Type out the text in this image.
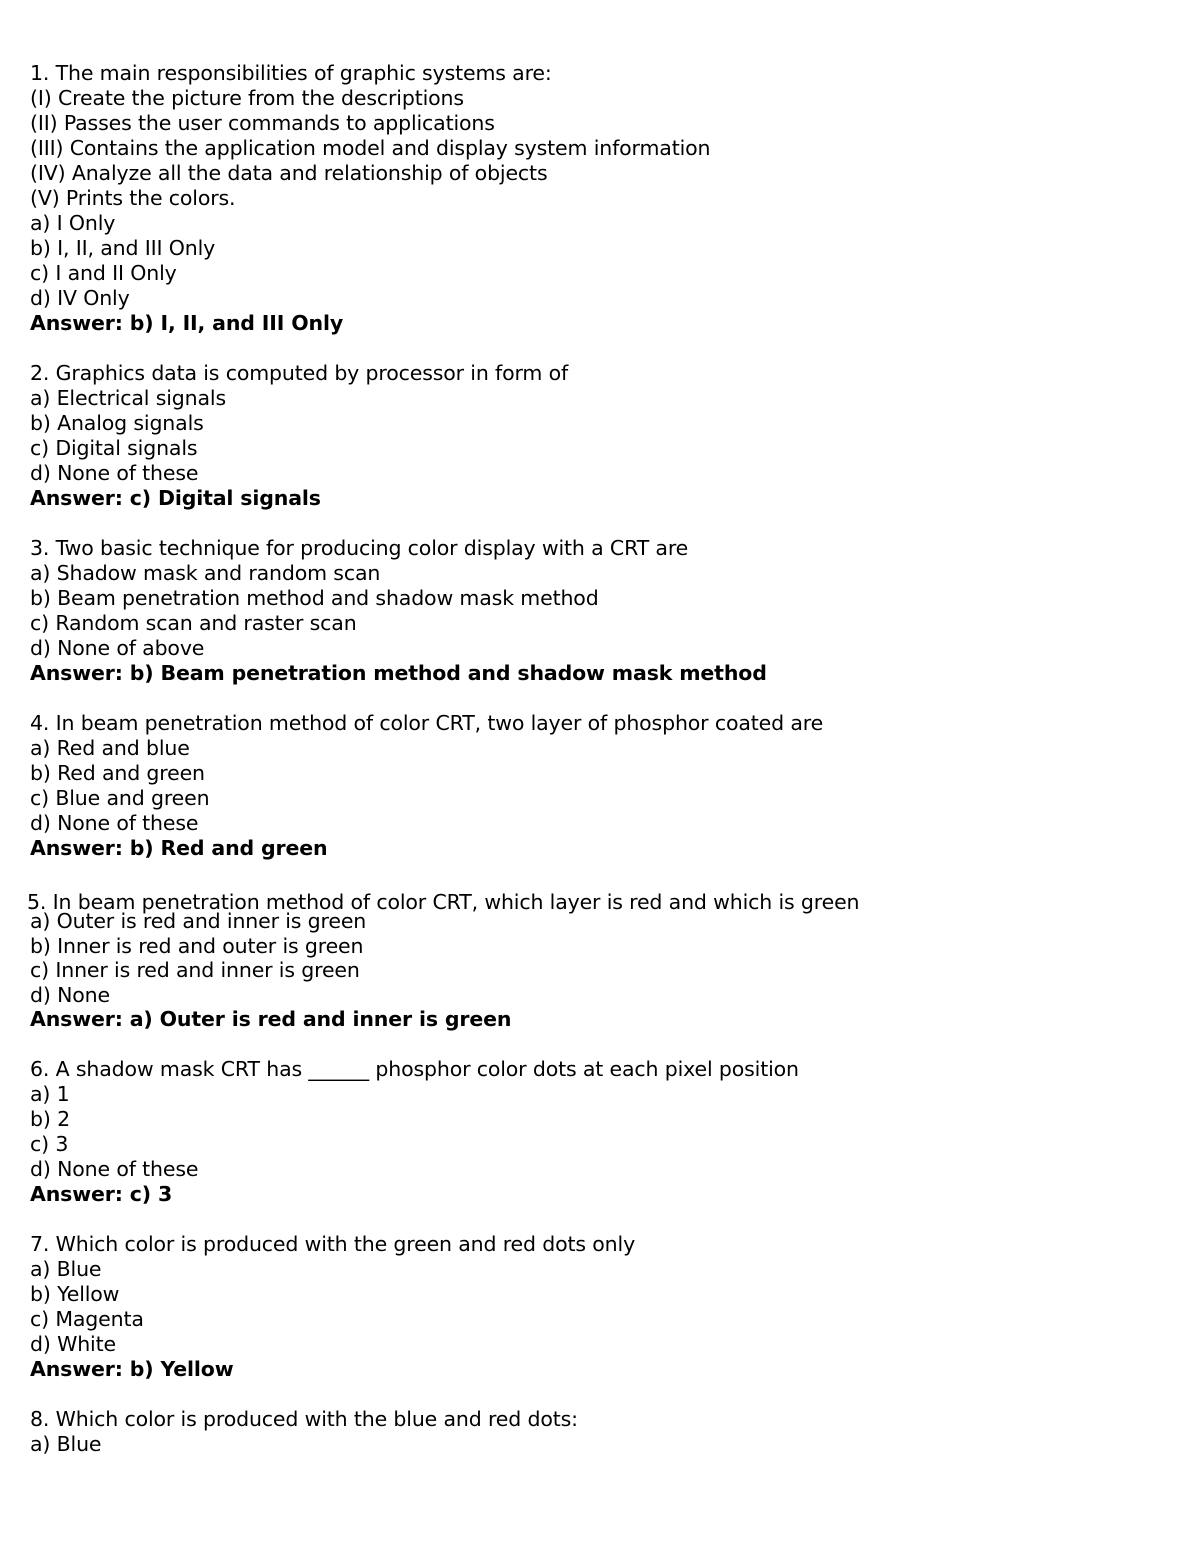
1. The main responsibilities of graphic systems are:
(I) Create the picture from the descriptions
(II) Passes the user commands to applications
(III) Contains the application model and display system information
(IV) Analyze all the data and relationship of objects
(V) Prints the colors.
a) I Only
b) I, II, and III Only
c) I and II Only
d) IV Only
Answer: b) I, II, and III Only
2. Graphics data is computed by processor in form of
a) Electrical signals
b) Analog signals
c) Digital signals
d) None of these
Answer: c) Digital signals
3. Two basic technique for producing color display with a CRT are
a) Shadow mask and random scan
b) Beam penetration method and shadow mask method
c) Random scan and raster scan
d) None of above
Answer: b) Beam penetration method and shadow mask method
4. In beam penetration method of color CRT, two layer of phosphor coated are
a) Red and blue
b) Red and green
c) Blue and green
d) None of these
Answer: b) Red and green
5. In beam penetration method of color CRT, which layer is red and which is green
a) Outer is red and inner is green
b) Inner is red and outer is green
c) Inner is red and inner is green
d) None
Answer: a) Outer is red and inner is green
6. A shadow mask CRT has ______ phosphor color dots at each pixel position
a) 1
b) 2
c) 3
d) None of these
Answer: c) 3
7. Which color is produced with the green and red dots only
a) Blue
b) Yellow
c) Magenta
d) White
Answer: b) Yellow
8. Which color is produced with the blue and red dots:
a) Blue
